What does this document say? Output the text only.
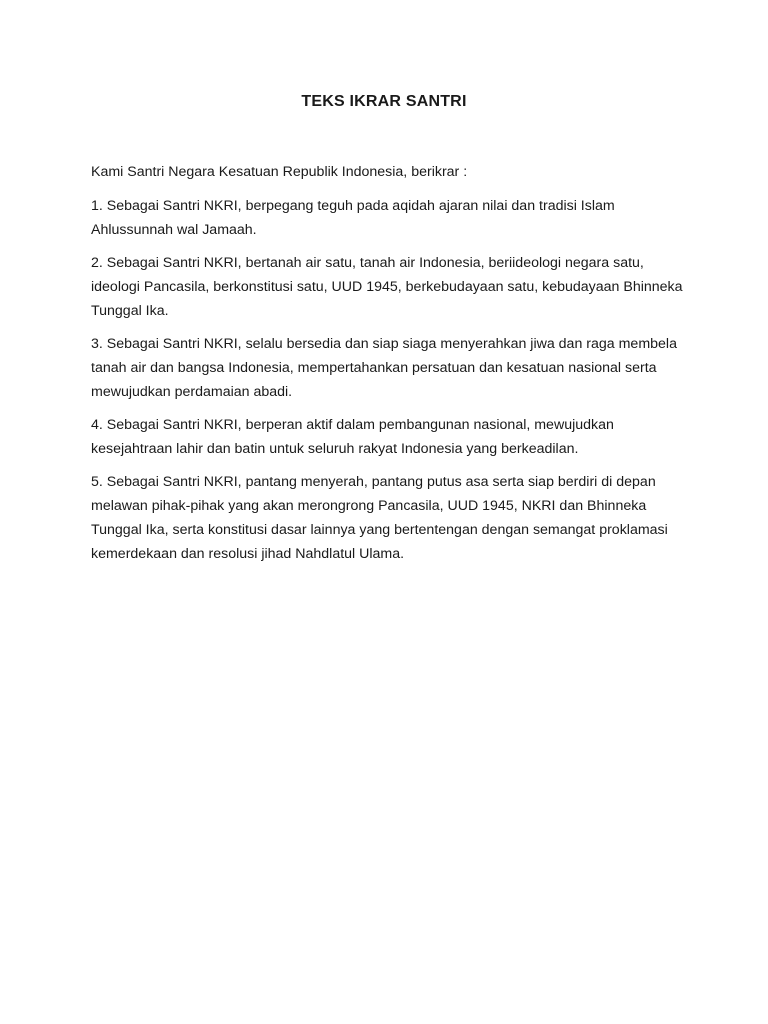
TEKS IKRAR SANTRI

Kami Santri Negara Kesatuan Republik Indonesia, berikrar :

1. Sebagai Santri NKRI, berpegang teguh pada aqidah ajaran nilai dan tradisi Islam Ahlussunnah wal Jamaah.
2. Sebagai Santri NKRI, bertanah air satu, tanah air Indonesia, beriideologi negara satu, ideologi Pancasila, berkonstitusi satu, UUD 1945, berkebudayaan satu, kebudayaan Bhinneka Tunggal Ika.
3. Sebagai Santri NKRI, selalu bersedia dan siap siaga menyerahkan jiwa dan raga membela tanah air dan bangsa Indonesia, mempertahankan persatuan dan kesatuan nasional serta mewujudkan perdamaian abadi.
4. Sebagai Santri NKRI, berperan aktif dalam pembangunan nasional, mewujudkan kesejahtraan lahir dan batin untuk seluruh rakyat Indonesia yang berkeadilan.
5. Sebagai Santri NKRI, pantang menyerah, pantang putus asa serta siap berdiri di depan melawan pihak-pihak yang akan merongrong Pancasila, UUD 1945, NKRI dan Bhinneka Tunggal Ika, serta konstitusi dasar lainnya yang bertentengan dengan semangat proklamasi kemerdekaan dan resolusi jihad Nahdlatul Ulama.
